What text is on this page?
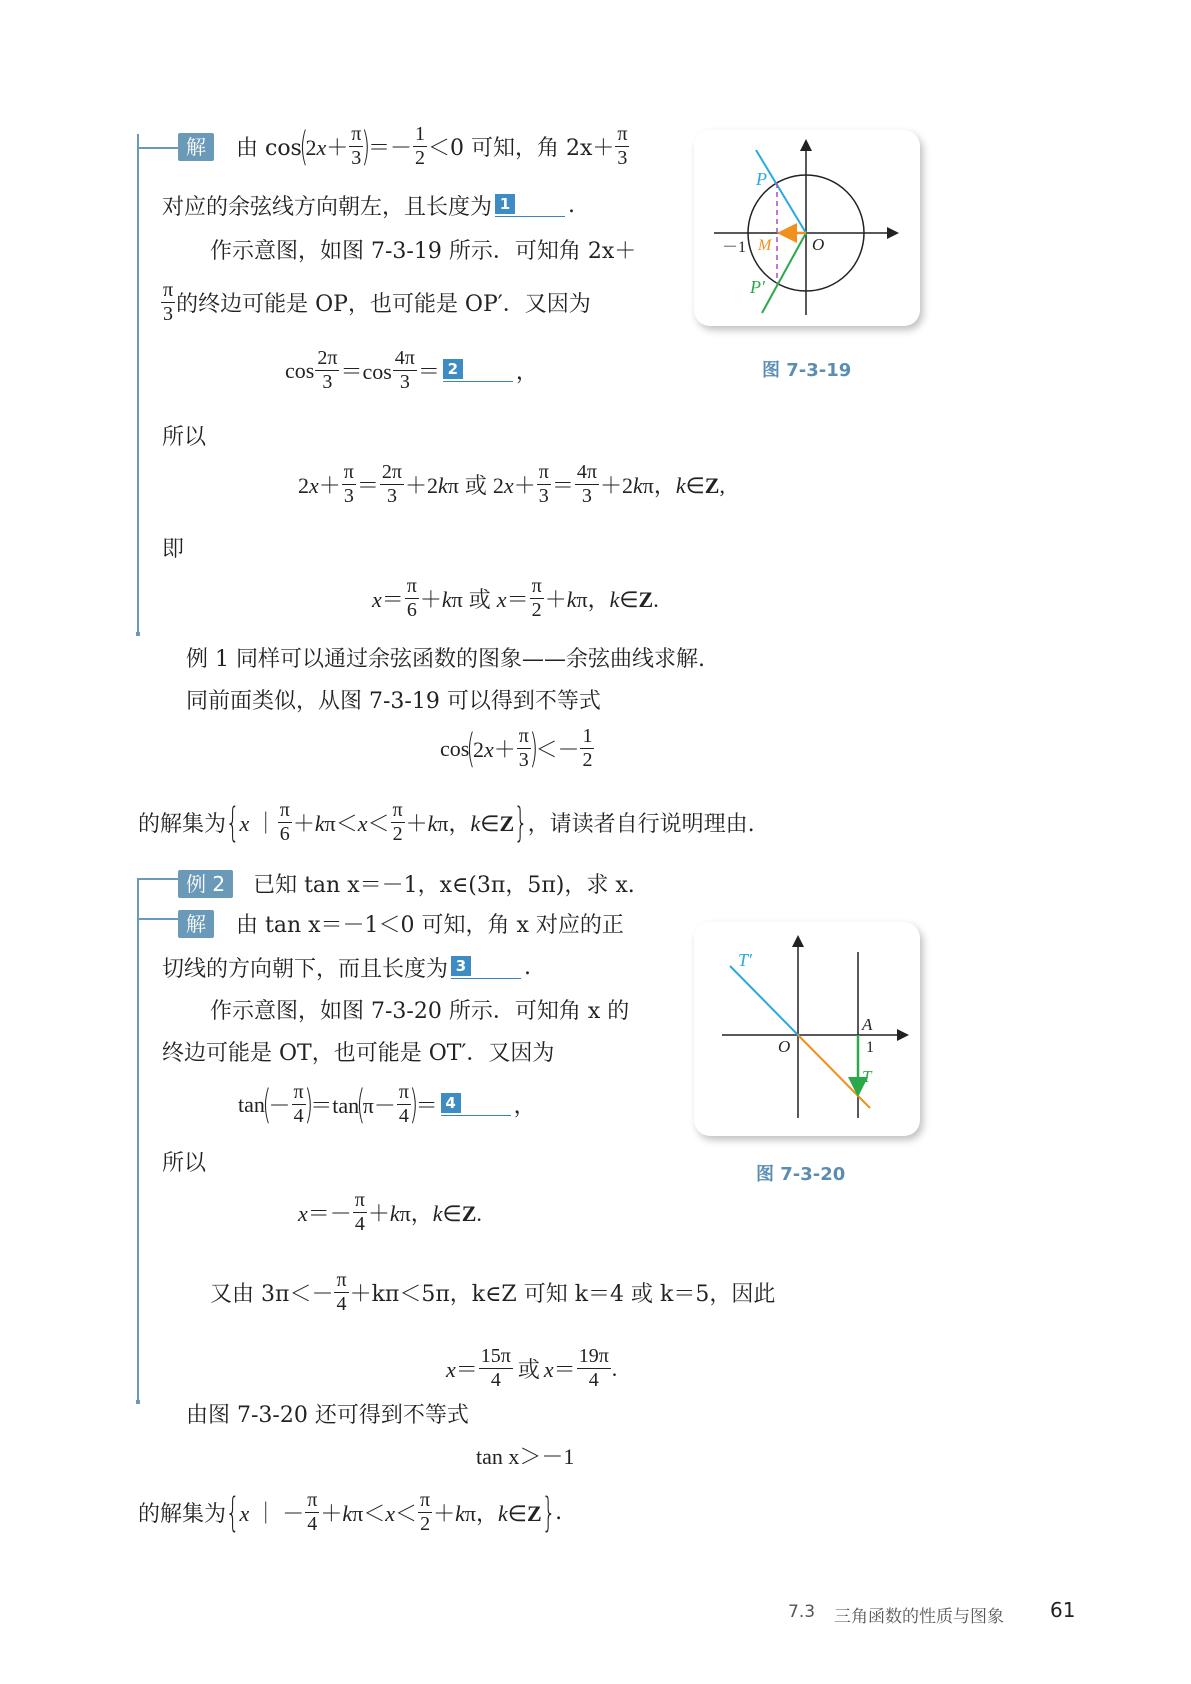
解	由 cos
(
$2x+ \frac{\pi}{3}$
)
＝－ $\frac{1}{2} <0$ 可知，角 $2x+ \frac{\pi}{3}$
对应的余弦线方向朝左，且长度为 1	.
作示意图，如图 7-3-19 所示．可知角 2x＋
$\frac{\pi}{3}$ 的终边可能是 OP，也可能是 OP′．又因为
$\cos \frac{2\pi}{3} =\cos \frac{4\pi}{3} = 2$	，
所以
$2x+ \frac{\pi}{3} = \frac{2\pi}{3} +2k\pi$ 或 $2x+ \frac{\pi}{3} = \frac{4\pi}{3} +2k\pi$，k∈Z,
即
$x= \frac{\pi}{6} +k\pi$ 或 $x= \frac{\pi}{2} +k\pi$，k∈Z.
P
P′
M O
－1
图 7-3-19
例 1 同样可以通过余弦函数的图象——余弦曲线求解.
同前面类似，从图 7-3-19 可以得到不等式
cos
(
$2x+ \frac{\pi}{3}$
)
＜－ $\frac{1}{2}$
的解集为 { x ｜ $\frac{\pi}{6} +k\pi<x< \frac{\pi}{2} +k\pi$，k∈Z } ，请读者自行说明理由.
例 2	已知 tan x＝－1，x∈(3π，5π)，求 x.
解	由 tan x＝－1＜0 可知，角 x 对应的正
切线的方向朝下，而且长度为 3	.
作示意图，如图 7-3-20 所示．可知角 x 的
终边可能是 OT，也可能是 OT′．又因为
tan
(
－ $\frac{\pi}{4}$
)
＝tan
(
$\pi- \frac{\pi}{4}$
)
＝ 4	，
所以
$x=- \frac{\pi}{4} +k\pi$，k∈Z.
又由 $3\pi<- \frac{\pi}{4} +k\pi<5\pi$，k∈Z 可知 k＝4 或 k＝5，因此
$x= \frac{15\pi}{4}$ 或 $x= \frac{19\pi}{4}$ .
T′
A
O	1
T
图 7-3-20
由图 7-3-20 还可得到不等式
tan x＞－1
的解集为 { x ｜ － $\frac{\pi}{4} +k\pi<x< \frac{\pi}{2} +k\pi$，k∈Z } .
7.3 三角函数的性质与图象 61
